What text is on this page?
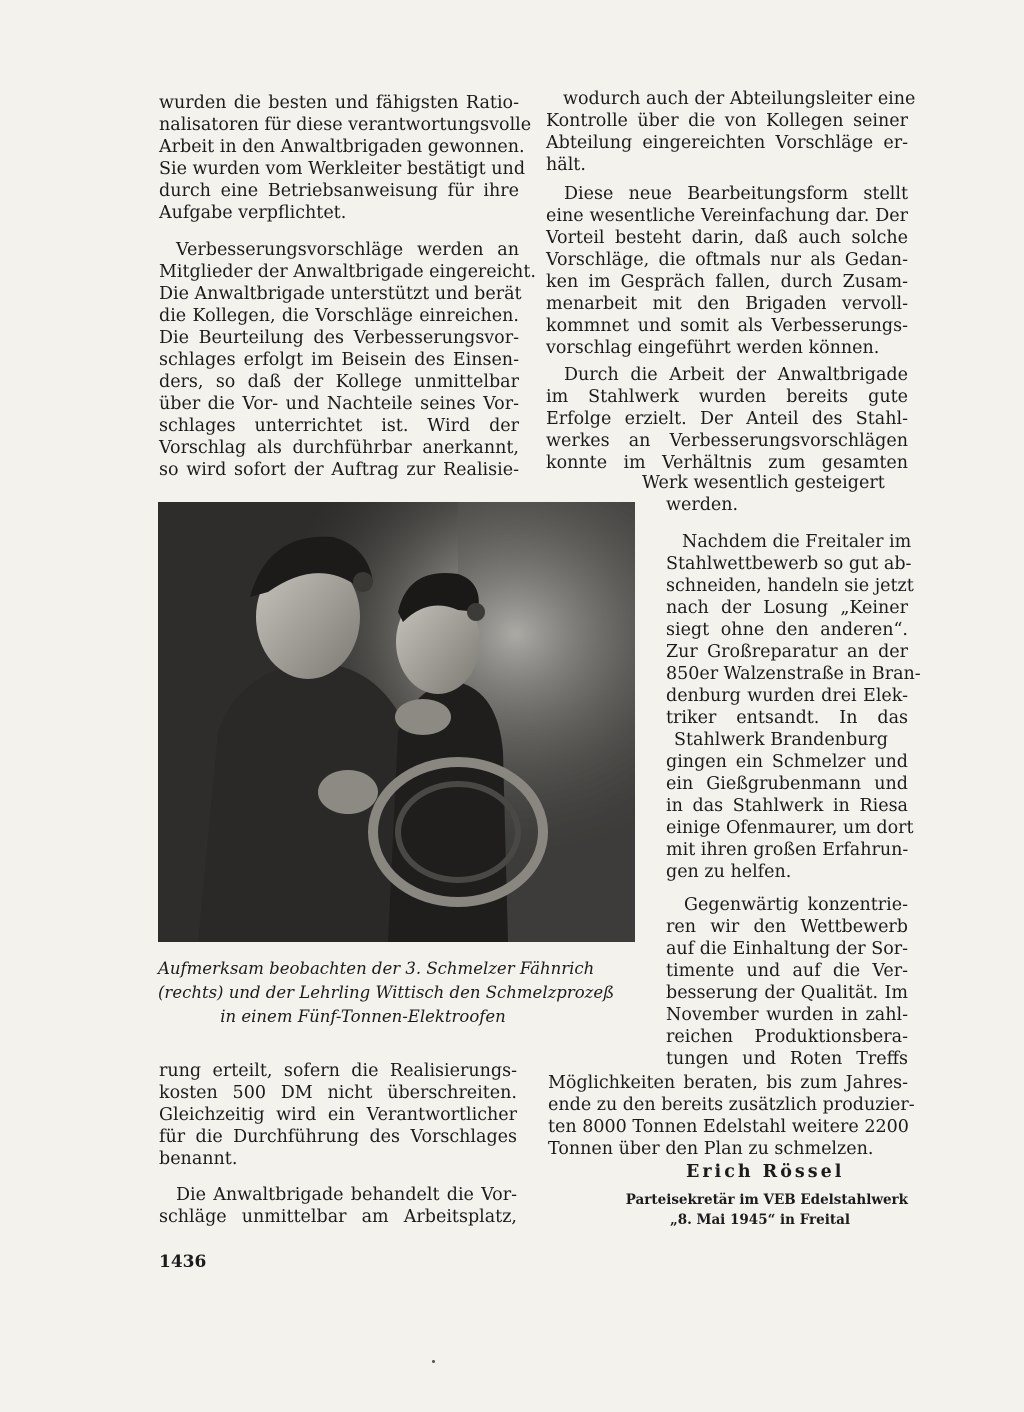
wurden die besten und fähigsten Ratio-
nalisatoren für diese verantwortungsvolle
Arbeit in den Anwaltbrigaden gewonnen.
Sie wurden vom Werkleiter bestätigt und
durch eine Betriebsanweisung für ihre
Aufgabe verpflichtet.
Verbesserungsvorschläge werden an
Mitglieder der Anwaltbrigade eingereicht.
Die Anwaltbrigade unterstützt und berät
die Kollegen, die Vorschläge einreichen.
Die Beurteilung des Verbesserungsvor-
schlages erfolgt im Beisein des Einsen-
ders, so daß der Kollege unmittelbar
über die Vor- und Nachteile seines Vor-
schlages unterrichtet ist. Wird der
Vorschlag als durchführbar anerkannt,
so wird sofort der Auftrag zur Realisie-
wodurch auch der Abteilungsleiter eine
Kontrolle über die von Kollegen seiner
Abteilung eingereichten Vorschläge er-
hält.
Diese neue Bearbeitungsform stellt
eine wesentliche Vereinfachung dar. Der
Vorteil besteht darin, daß auch solche
Vorschläge, die oftmals nur als Gedan-
ken im Gespräch fallen, durch Zusam-
menarbeit mit den Brigaden vervoll-
kommnet und somit als Verbesserungs-
vorschlag eingeführt werden können.
Durch die Arbeit der Anwaltbrigade
im Stahlwerk wurden bereits gute
Erfolge erzielt. Der Anteil des Stahl-
werkes an Verbesserungsvorschlägen
konnte im Verhältnis zum gesamten
Werk wesentlich gesteigert
werden.
Nachdem die Freitaler im
Stahlwettbewerb so gut ab-
schneiden, handeln sie jetzt
nach der Losung „Keiner
siegt ohne den anderen“.
Zur Großreparatur an der
850er Walzenstraße in Bran-
denburg wurden drei Elek-
triker entsandt. In das
Stahlwerk Brandenburg
gingen ein Schmelzer und
ein Gießgrubenmann und
in das Stahlwerk in Riesa
einige Ofenmaurer, um dort
mit ihren großen Erfahrun-
gen zu helfen.
Gegenwärtig konzentrie-
ren wir den Wettbewerb
auf die Einhaltung der Sor-
timente und auf die Ver-
besserung der Qualität. Im
November wurden in zahl-
reichen Produktionsbera-
tungen und Roten Treffs
Möglichkeiten beraten, bis zum Jahres-
ende zu den bereits zusätzlich produzier-
ten 8000 Tonnen Edelstahl weitere 2200
Tonnen über den Plan zu schmelzen.
Aufmerksam beobachten der 3. Schmelzer Fähnrich
(rechts) und der Lehrling Wittisch den Schmelzprozeß
in einem Fünf-Tonnen-Elektroofen
rung erteilt, sofern die Realisierungs-
kosten 500 DM nicht überschreiten.
Gleichzeitig wird ein Verantwortlicher
für die Durchführung des Vorschlages
benannt.
Die Anwaltbrigade behandelt die Vor-
schläge unmittelbar am Arbeitsplatz,
Erich Rössel
Parteisekretär im VEB Edelstahlwerk
„8. Mai 1945“ in Freital
1436
